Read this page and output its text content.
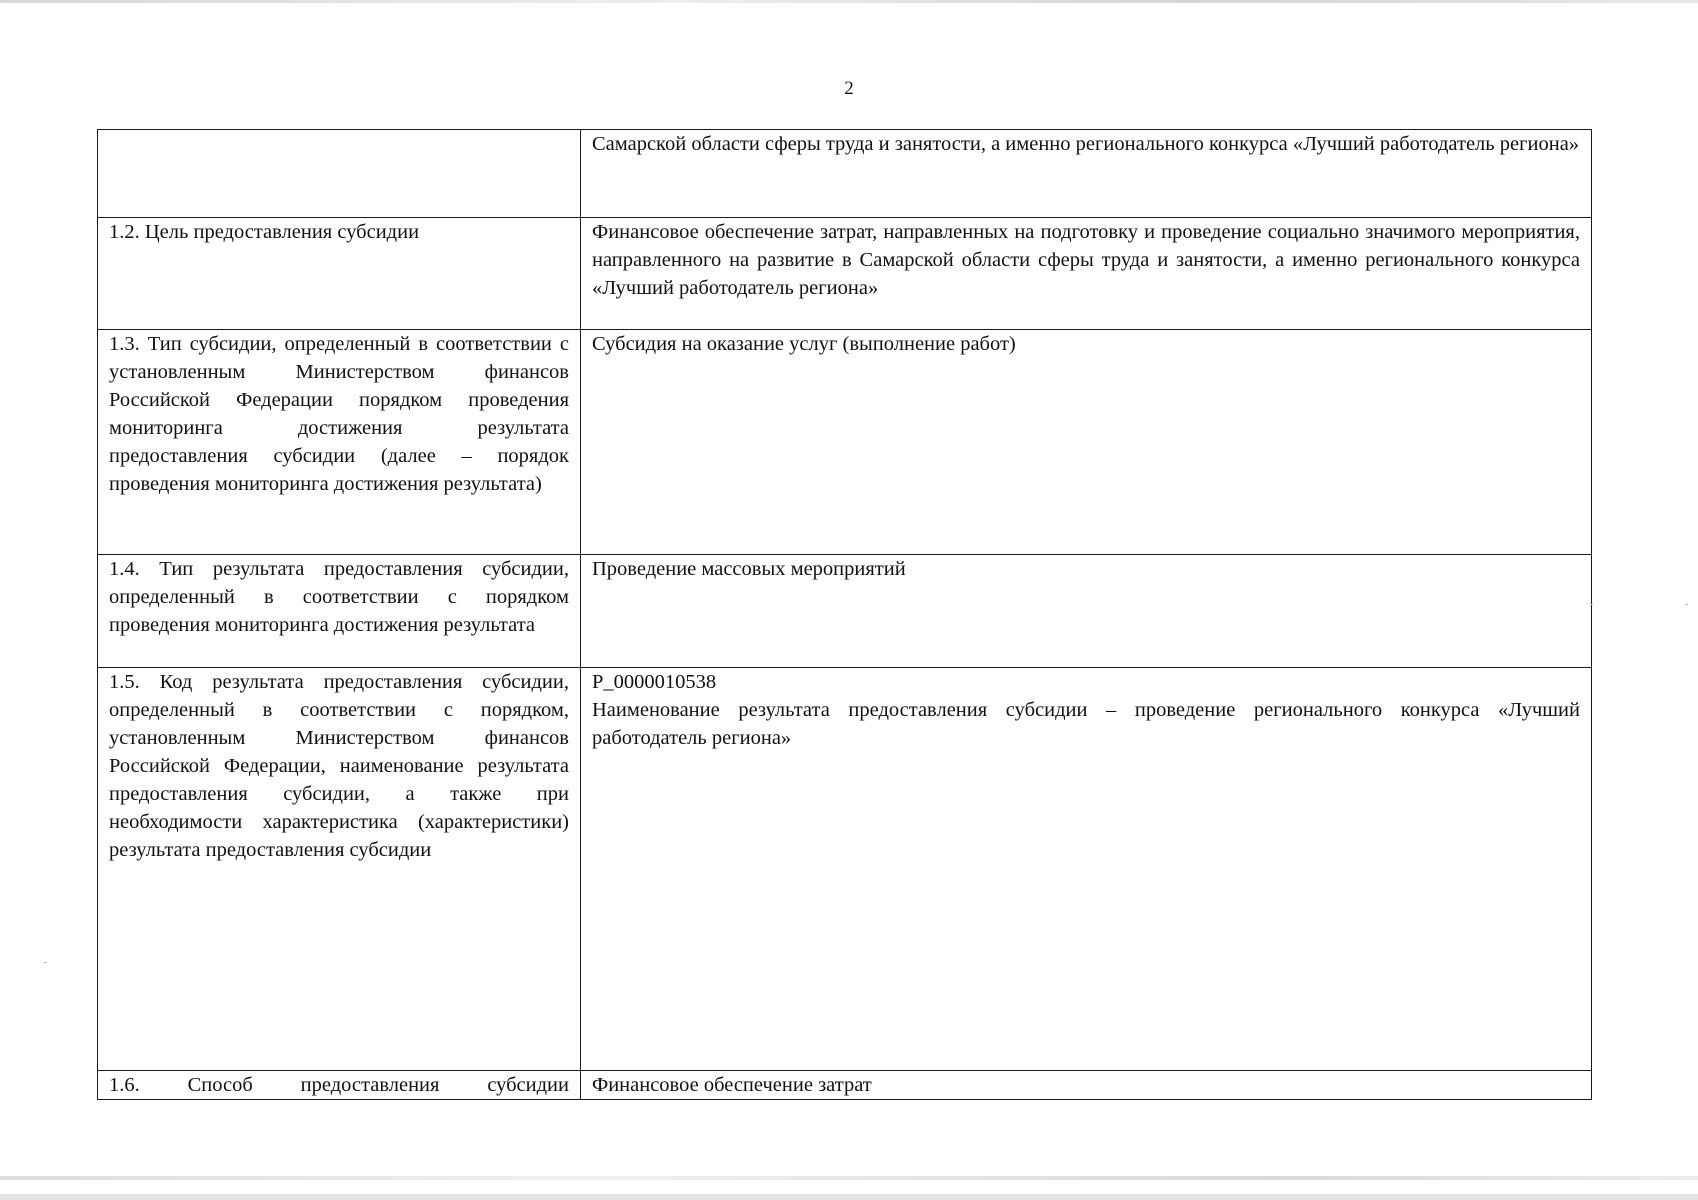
2

	Самарской области сферы труда и занятости, а именно регионального конкурса «Лучший работодатель региона»

1.2. Цель предоставления субсидии	Финансовое обеспечение затрат, направленных на подготовку и проведение социально значимого мероприятия, направленного на развитие в Самарской области сферы труда и занятости, а именно регионального конкурса «Лучший работодатель региона»

1.3. Тип субсидии, определенный в соответствии с установленным Министерством финансов Российской Федерации порядком проведения мониторинга достижения результата предоставления субсидии (далее – порядок проведения мониторинга достижения результата)	Субсидия на оказание услуг (выполнение работ)

1.4. Тип результата предоставления субсидии, определенный в соответствии с порядком проведения мониторинга достижения результата	Проведение массовых мероприятий

1.5. Код результата предоставления субсидии, определенный в соответствии с порядком, установленным Министерством финансов Российской Федерации, наименование результата предоставления субсидии, а также при необходимости характеристика (характеристики) результата предоставления субсидии	P_0000010538
Наименование результата предоставления субсидии – проведение регионального конкурса «Лучший работодатель региона»

1.6. Способ предоставления субсидии	Финансовое обеспечение затрат
